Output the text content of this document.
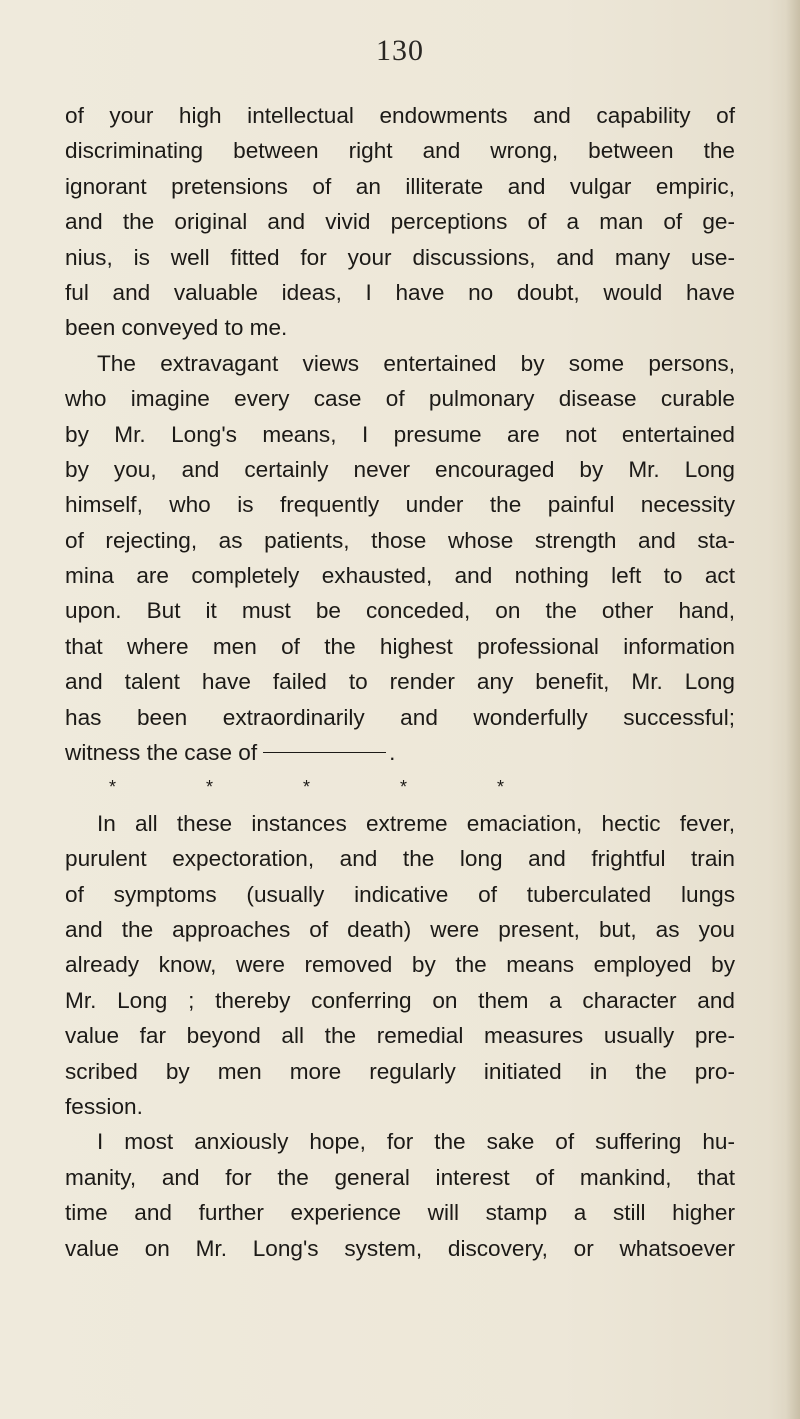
130
of your high intellectual endowments and capability of
discriminating between right and wrong, between the
ignorant pretensions of an illiterate and vulgar empiric,
and the original and vivid perceptions of a man of ge-
nius, is well fitted for your discussions, and many use-
ful and valuable ideas, I have no doubt, would have
been conveyed to me.
The extravagant views entertained by some persons,
who imagine every case of pulmonary disease curable
by Mr. Long's means, I presume are not entertained
by you, and certainly never encouraged by Mr. Long
himself, who is frequently under the painful necessity
of rejecting, as patients, those whose strength and sta-
mina are completely exhausted, and nothing left to act
upon. But it must be conceded, on the other hand,
that where men of the highest professional information
and talent have failed to render any benefit, Mr. Long
has been extraordinarily and wonderfully successful;
witness the case of	.
*	*	*	*	*
In all these instances extreme emaciation, hectic fever,
purulent expectoration, and the long and frightful train
of symptoms (usually indicative of tuberculated lungs
and the approaches of death) were present, but, as you
already know, were removed by the means employed by
Mr. Long ; thereby conferring on them a character and
value far beyond all the remedial measures usually pre-
scribed by men more regularly initiated in the pro-
fession.
I most anxiously hope, for the sake of suffering hu-
manity, and for the general interest of mankind, that
time and further experience will stamp a still higher
value on Mr. Long's system, discovery, or whatsoever
